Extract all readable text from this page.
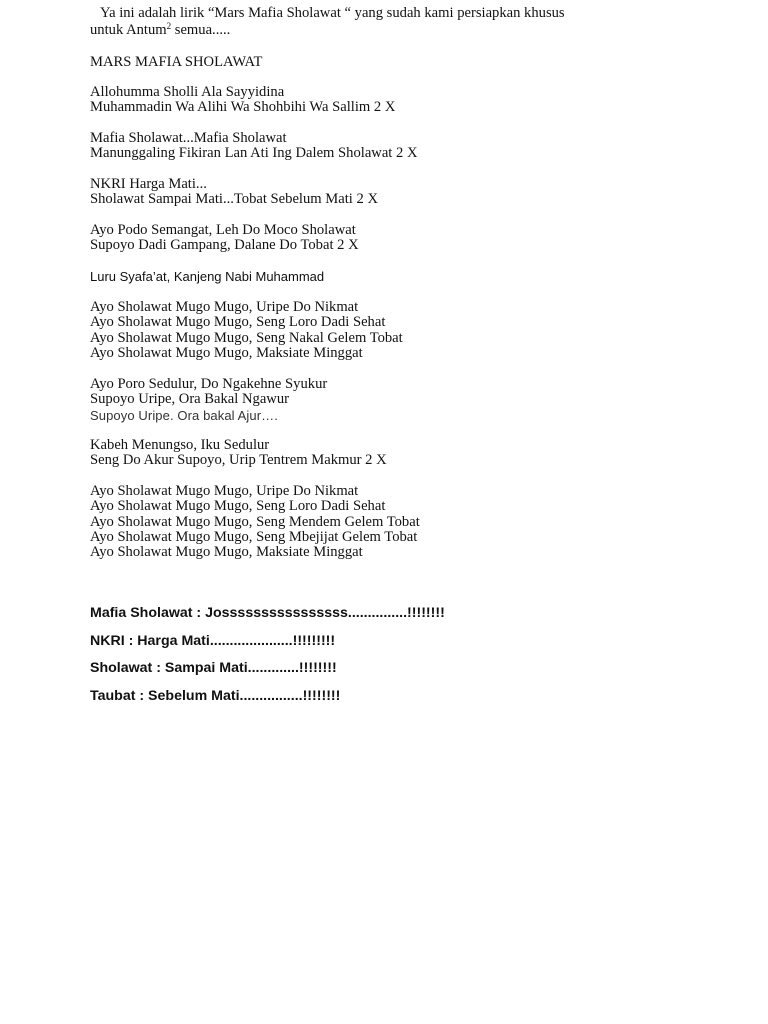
Ya ini adalah lirik “Mars Mafia Sholawat “ yang sudah kami persiapkan khusus
untuk Antum$^2$ semua.....
MARS MAFIA SHOLAWAT
Allohumma Sholli Ala Sayyidina
Muhammadin Wa Alihi Wa Shohbihi Wa Sallim 2 X
Mafia Sholawat...Mafia Sholawat
Manunggaling Fikiran Lan Ati Ing Dalem Sholawat 2 X
NKRI Harga Mati...
Sholawat Sampai Mati...Tobat Sebelum Mati 2 X
Ayo Podo Semangat, Leh Do Moco Sholawat
Supoyo Dadi Gampang, Dalane Do Tobat 2 X
Luru Syafa’at, Kanjeng Nabi Muhammad
Ayo Sholawat Mugo Mugo, Uripe Do Nikmat
Ayo Sholawat Mugo Mugo, Seng Loro Dadi Sehat
Ayo Sholawat Mugo Mugo, Seng Nakal Gelem Tobat
Ayo Sholawat Mugo Mugo, Maksiate Minggat
Ayo Poro Sedulur, Do Ngakehne Syukur
Supoyo Uripe, Ora Bakal Ngawur
Supoyo Uripe. Ora bakal Ajur….
Kabeh Menungso, Iku Sedulur
Seng Do Akur Supoyo, Urip Tentrem Makmur 2 X
Ayo Sholawat Mugo Mugo, Uripe Do Nikmat
Ayo Sholawat Mugo Mugo, Seng Loro Dadi Sehat
Ayo Sholawat Mugo Mugo, Seng Mendem Gelem Tobat
Ayo Sholawat Mugo Mugo, Seng Mbejijat Gelem Tobat
Ayo Sholawat Mugo Mugo, Maksiate Minggat
Mafia Sholawat : Jossssssssssssssss...............!!!!!!!!
NKRI : Harga Mati.....................!!!!!!!!!
Sholawat : Sampai Mati.............!!!!!!!!
Taubat : Sebelum Mati................!!!!!!!!
